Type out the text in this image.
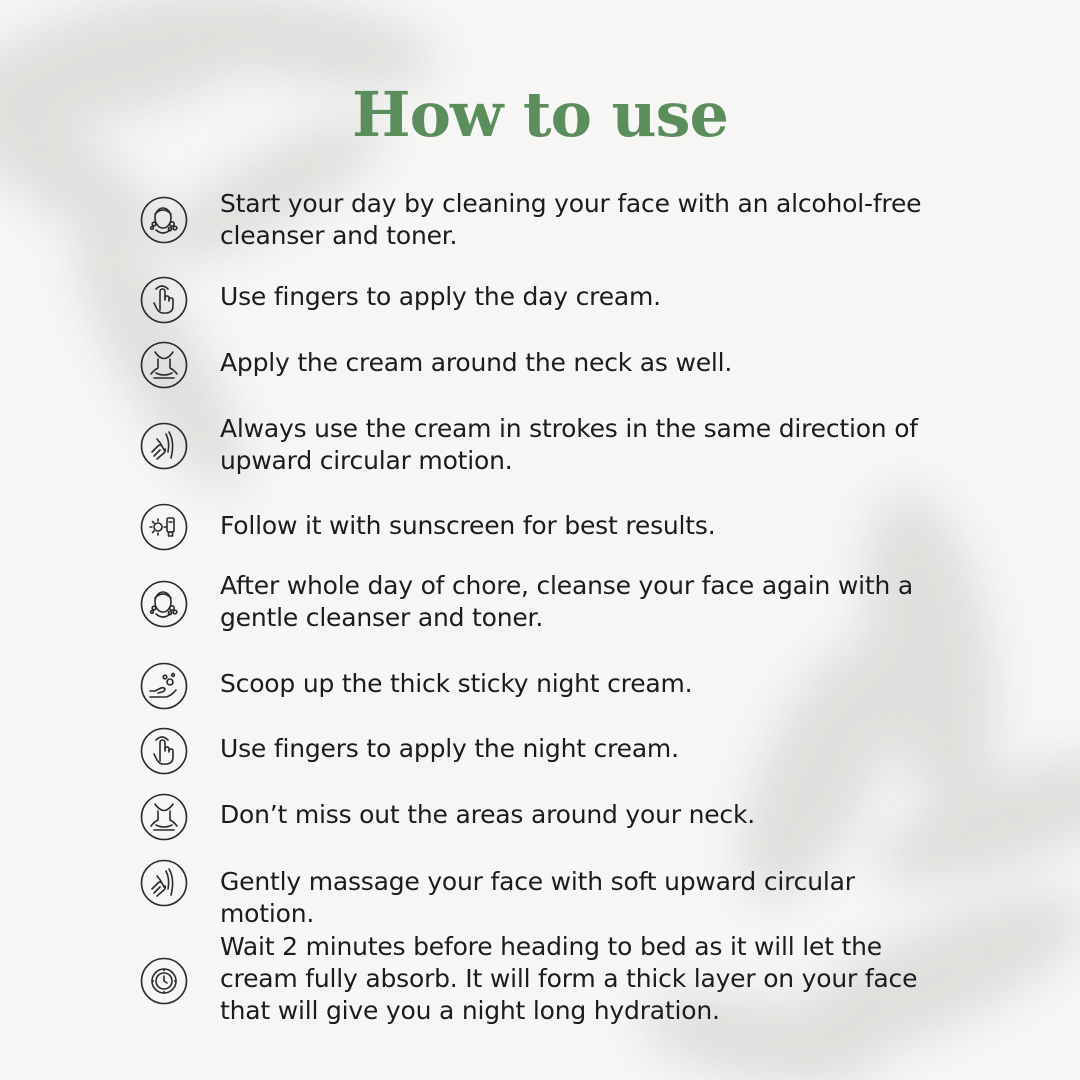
How to use
Start your day by cleaning your face with an alcohol-free cleanser and toner.
Use fingers to apply the day cream.
Apply the cream around the neck as well.
Always use the cream in strokes in the same direction of upward circular motion.
Follow it with sunscreen for best results.
After whole day of chore, cleanse your face again with a gentle cleanser and toner.
Scoop up the thick sticky night cream.
Use fingers to apply the night cream.
Don’t miss out the areas around your neck.
Gently massage your face with soft upward circular motion.
Wait 2 minutes before heading to bed as it will let the cream fully absorb. It will form a thick layer on your face that will give you a night long hydration.
